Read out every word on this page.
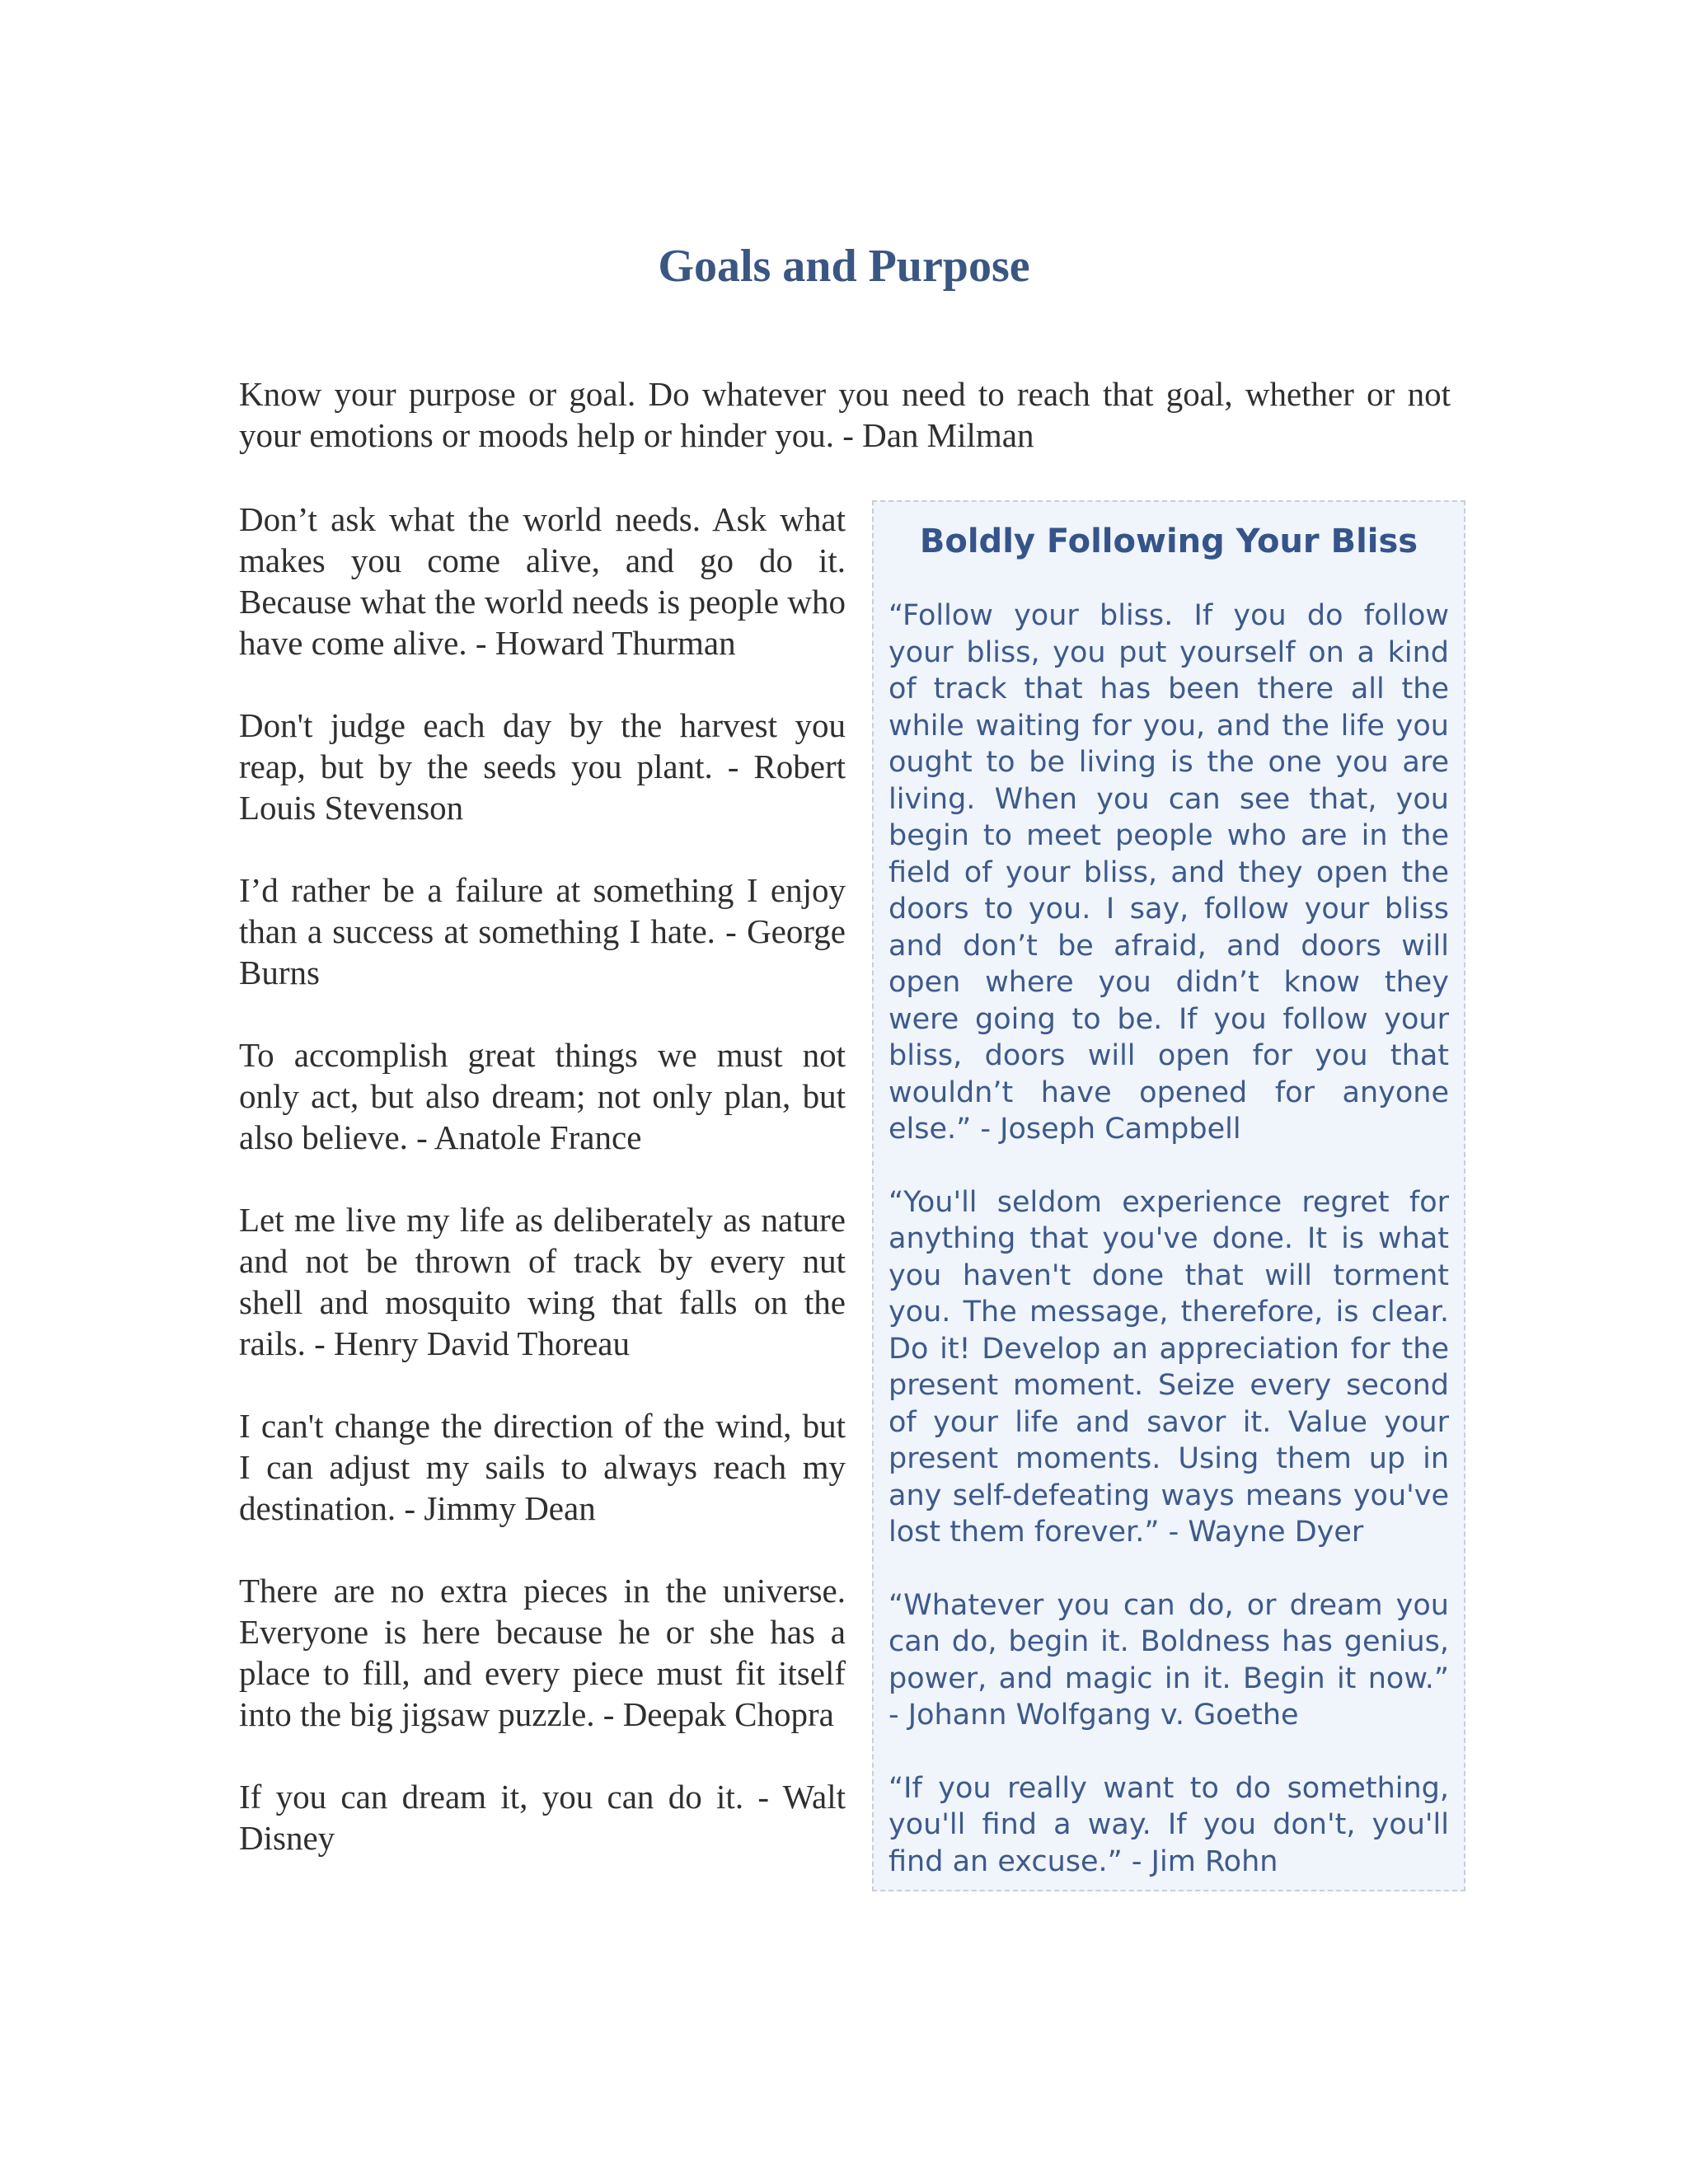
Goals and Purpose

Know your purpose or goal. Do whatever you need to reach that goal, whether or not your emotions or moods help or hinder you. - Dan Milman

Don’t ask what the world needs. Ask what makes you come alive, and go do it. Because what the world needs is people who have come alive. - Howard Thurman

Don't judge each day by the harvest you reap, but by the seeds you plant. - Robert Louis Stevenson

I’d rather be a failure at something I enjoy than a success at something I hate. - George Burns

To accomplish great things we must not only act, but also dream; not only plan, but also believe. - Anatole France

Let me live my life as deliberately as nature and not be thrown of track by every nut shell and mosquito wing that falls on the rails. - Henry David Thoreau

I can't change the direction of the wind, but I can adjust my sails to always reach my destination. - Jimmy Dean

There are no extra pieces in the universe. Everyone is here because he or she has a place to fill, and every piece must fit itself into the big jigsaw puzzle. - Deepak Chopra

If you can dream it, you can do it. - Walt Disney

Boldly Following Your Bliss

“Follow your bliss. If you do follow your bliss, you put yourself on a kind of track that has been there all the while waiting for you, and the life you ought to be living is the one you are living. When you can see that, you begin to meet people who are in the field of your bliss, and they open the doors to you. I say, follow your bliss and don’t be afraid, and doors will open where you didn’t know they were going to be. If you follow your bliss, doors will open for you that wouldn’t have opened for anyone else.” - Joseph Campbell

“You'll seldom experience regret for anything that you've done. It is what you haven't done that will torment you. The message, therefore, is clear. Do it! Develop an appreciation for the present moment. Seize every second of your life and savor it. Value your present moments. Using them up in any self-defeating ways means you've lost them forever.” - Wayne Dyer

“Whatever you can do, or dream you can do, begin it. Boldness has genius, power, and magic in it. Begin it now.” - Johann Wolfgang v. Goethe

“If you really want to do something, you'll find a way. If you don't, you'll find an excuse.” - Jim Rohn
